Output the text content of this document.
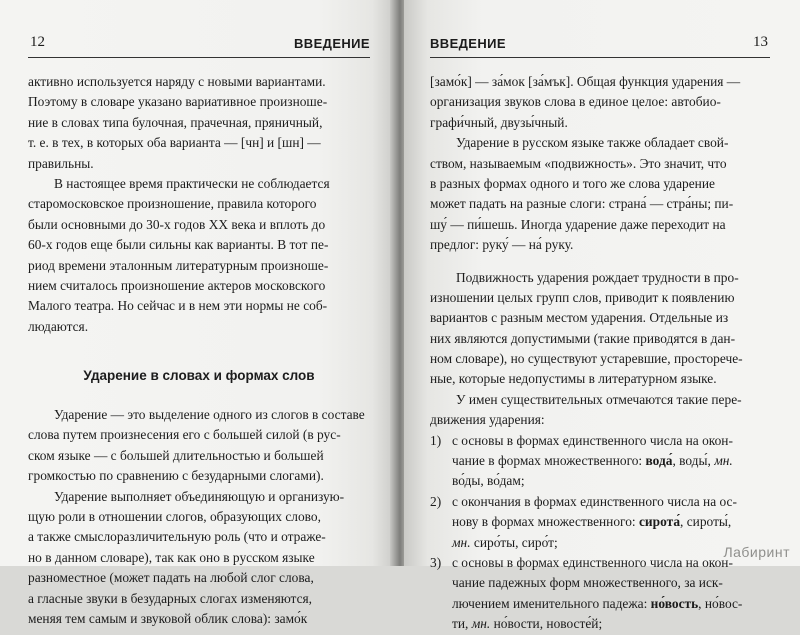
12	ВВЕДЕНИЕ
активно используется наряду с новыми вариантами.
Поэтому в словаре указано вариативное произноше-
ние в словах типа булочная, прачечная, пряничный,
т. е. в тех, в которых оба варианта — [чн] и [шн] —
правильны.
В настоящее время практически не соблюдается
старомосковское произношение, правила которого
были основными до 30-х годов XX века и вплоть до
60-х годов еще были сильны как варианты. В тот пе-
риод времени эталонным литературным произноше-
нием считалось произношение актеров московского
Малого театра. Но сейчас и в нем эти нормы не соб-
людаются.
Ударение в словах и формах слов
Ударение — это выделение одного из слогов в составе
слова путем произнесения его с большей силой (в рус-
ском языке — с большей длительностью и большей
громкостью по сравнению с безударными слогами).
Ударение выполняет объединяющую и организую-
щую роли в отношении слогов, образующих слово,
а также смыслоразличительную роль (что и отраже-
но в данном словаре), так как оно в русском языке
разноместное (может падать на любой слог слова,
а гласные звуки в безударных слогах изменяются,
меняя тем самым и звуковой облик слова): замо́к
ВВЕДЕНИЕ	13
[замо́к] — за́мок [за́мък]. Общая функция ударения —
организация звуков слова в единое целое: автобио-
графи́чный, двузы́чный.
Ударение в русском языке также обладает свой-
ством, называемым «подвижность». Это значит, что
в разных формах одного и того же слова ударение
может падать на разные слоги: страна́ — стра́ны; пи-
шу́ — пи́шешь. Иногда ударение даже переходит на
предлог: руку́ — на́ руку.
Подвижность ударения рождает трудности в про-
изношении целых групп слов, приводит к появлению
вариантов с разным местом ударения. Отдельные из
них являются допустимыми (такие приводятся в дан-
ном словаре), но существуют устаревшие, просторече-
ные, которые недопустимы в литературном языке.
У имен существительных отмечаются такие пере-
движения ударения:
1) с основы в формах единственного числа на окон-
чание в формах множественного: вода́, воды́, мн.
во́ды, во́дам;
2) с окончания в формах единственного числа на ос-
нову в формах множественного: сирота́, сироты́,
мн. сиро́ты, сиро́т;
3) с основы в формах единственного числа на окон-
чание падежных форм множественного, за иск-
лючением именительного падежа: но́вость, но́вос-
ти, мн. но́вости, новосте́й;
Лабиринт
